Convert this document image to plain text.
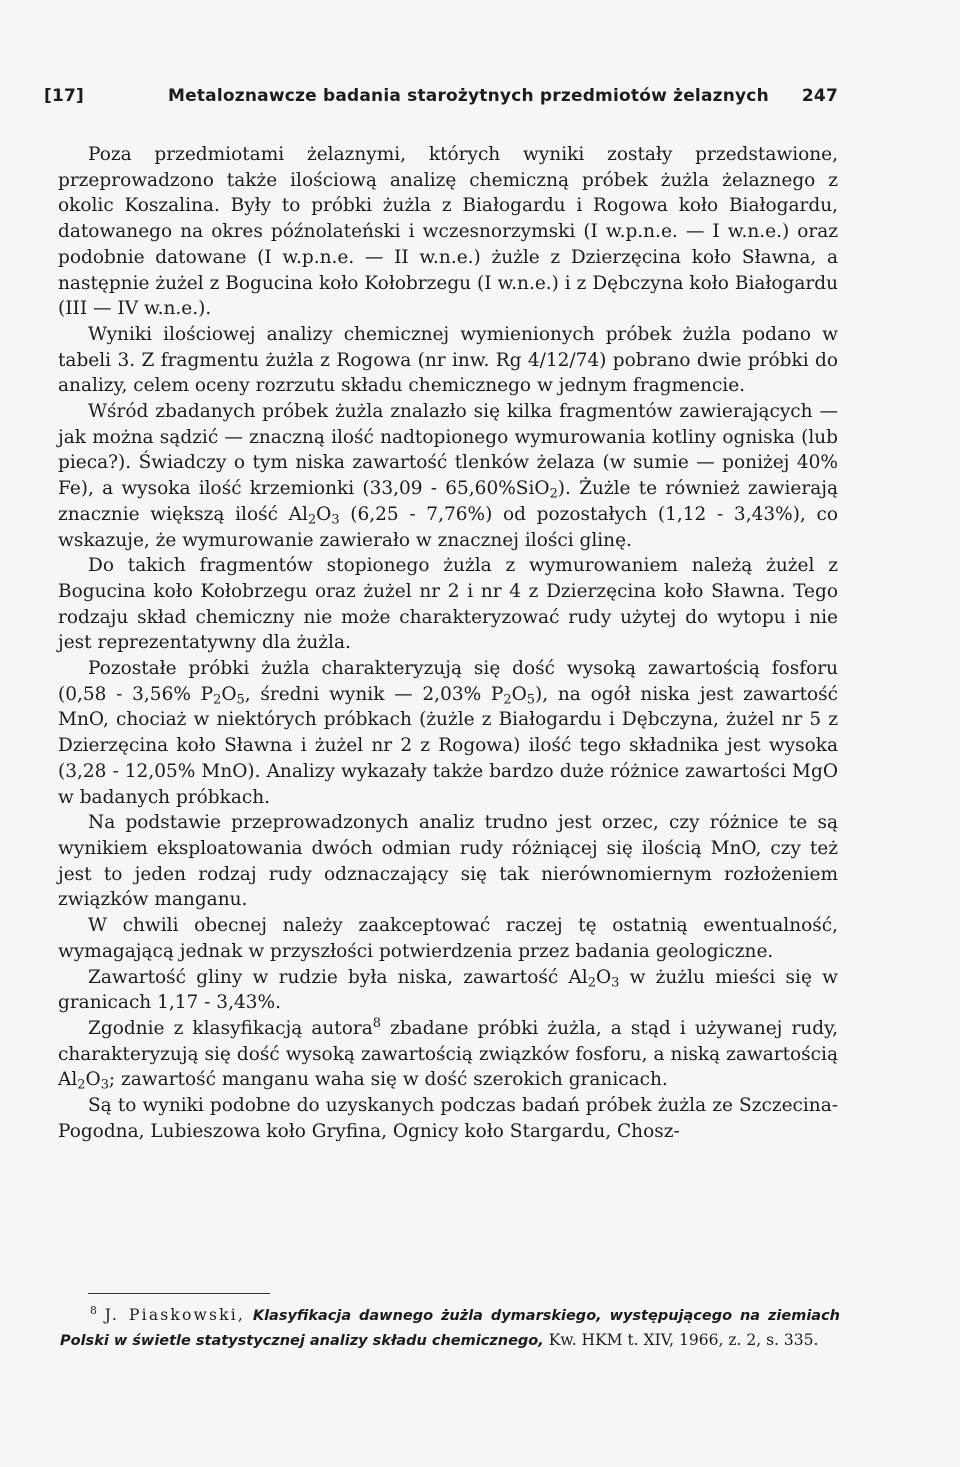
[17]	Metaloznawcze badania starożytnych przedmiotów żelaznych 247

Poza przedmiotami żelaznymi, których wyniki zostały przedstawione, przeprowadzono także ilościową analizę chemiczną próbek żużla żelaznego z okolic Koszalina. Były to próbki żużla z Białogardu i Rogowa koło Białogardu, datowanego na okres późnolateński i wczesnorzymski (I w.p.n.e. — I w.n.e.) oraz podobnie datowane (I w.p.n.e. — II w.n.e.) żużle z Dzierzęcina koło Sławna, a następnie żużel z Bogucina koło Kołobrzegu (I w.n.e.) i z Dębczyna koło Białogardu (III — IV w.n.e.).

Wyniki ilościowej analizy chemicznej wymienionych próbek żużla podano w tabeli 3. Z fragmentu żużla z Rogowa (nr inw. Rg 4/12/74) pobrano dwie próbki do analizy, celem oceny rozrzutu składu chemicznego w jednym fragmencie.

Wśród zbadanych próbek żużla znalazło się kilka fragmentów zawierających — jak można sądzić — znaczną ilość nadtopionego wymurowania kotliny ogniska (lub pieca?). Świadczy o tym niska zawartość tlenków żelaza (w sumie — poniżej 40% Fe), a wysoka ilość krzemionki (33,09 - 65,60%SiO$_2$). Żużle te również zawierają znacznie większą ilość $Al_2O_3$ (6,25 - 7,76%) od pozostałych (1,12 - 3,43%), co wskazuje, że wymurowanie zawierało w znacznej ilości glinę.

Do takich fragmentów stopionego żużla z wymurowaniem należą żużel z Bogucina koło Kołobrzegu oraz żużel nr 2 i nr 4 z Dzierzęcina koło Sławna. Tego rodzaju skład chemiczny nie może charakteryzować rudy użytej do wytopu i nie jest reprezentatywny dla żużla.

Pozostałe próbki żużla charakteryzują się dość wysoką zawartością fosforu (0,58 - 3,56% $P_2O_5$, średni wynik — 2,03% $P_2O_5$), na ogół niska jest zawartość MnO, chociaż w niektórych próbkach (żużle z Białogardu i Dębczyna, żużel nr 5 z Dzierzęcina koło Sławna i żużel nr 2 z Rogowa) ilość tego składnika jest wysoka (3,28 - 12,05% MnO). Analizy wykazały także bardzo duże różnice zawartości MgO w badanych próbkach.

Na podstawie przeprowadzonych analiz trudno jest orzec, czy różnice te są wynikiem eksploatowania dwóch odmian rudy różniącej się ilością MnO, czy też jest to jeden rodzaj rudy odznaczający się tak nierównomiernym rozłożeniem związków manganu.

W chwili obecnej należy zaakceptować raczej tę ostatnią ewentualność, wymagającą jednak w przyszłości potwierdzenia przez badania geologiczne.

Zawartość gliny w rudzie była niska, zawartość $Al_2O_3$ w żużlu mieści się w granicach 1,17 - 3,43%.

Zgodnie z klasyfikacją autora$^8$ zbadane próbki żużla, a stąd i używanej rudy, charakteryzują się dość wysoką zawartością związków fosforu, a niską zawartością $Al_2O_3$; zawartość manganu waha się w dość szerokich granicach.

Są to wyniki podobne do uzyskanych podczas badań próbek żużla ze Szczecina-Pogodna, Lubieszowa koło Gryfina, Ognicy koło Stargardu, Chosz-

$^8$ J. Piaskowski, Klasyfikacja dawnego żużla dymarskiego, występującego na ziemiach Polski w świetle statystycznej analizy składu chemicznego, Kw. HKM t. XIV, 1966, z. 2, s. 335.
